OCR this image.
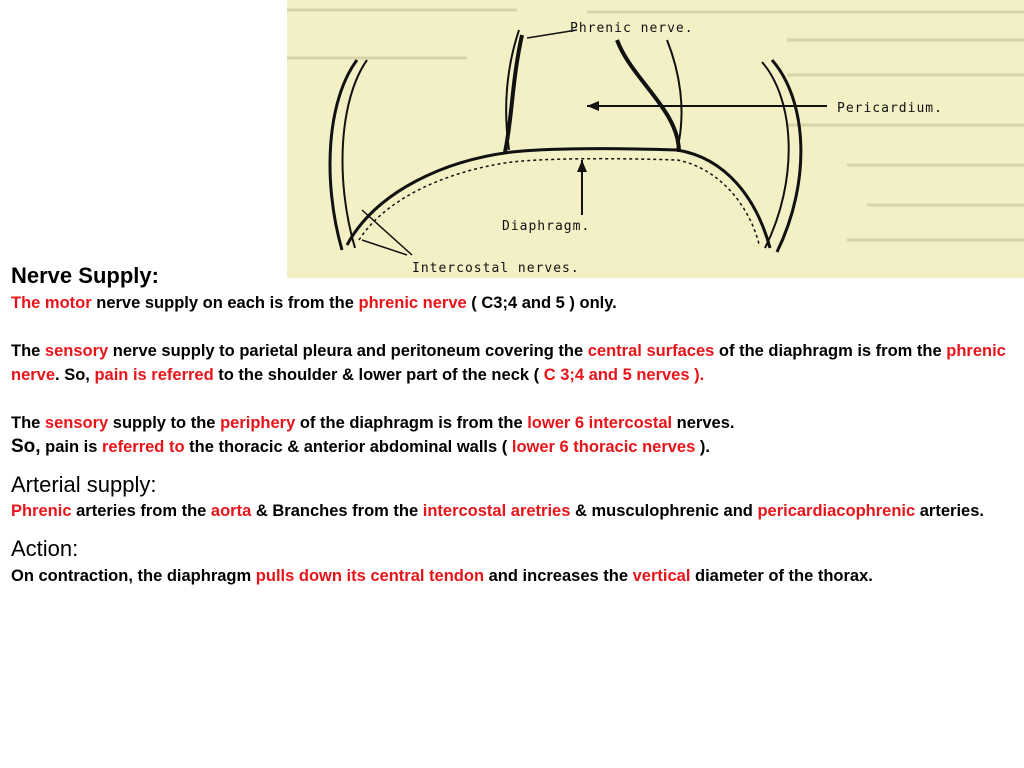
Phrenic nerve.
Pericardium.
Diaphragm.
Intercostal nerves.
Nerve Supply:

The motor nerve supply on each is from the phrenic nerve ( C3;4 and 5 ) only.

The sensory nerve supply to parietal pleura and peritoneum covering the central surfaces of the diaphragm is from the phrenic nerve. So, pain is referred to the shoulder & lower part of the neck ( C 3;4 and 5 nerves ).

The sensory supply to the periphery of the diaphragm is from the lower 6 intercostal nerves.

So, pain is referred to the thoracic & anterior abdominal walls ( lower 6 thoracic nerves ).

Arterial supply:

Phrenic arteries from the aorta & Branches from the intercostal aretries & musculophrenic and pericardiacophrenic arteries.

Action:

On contraction, the diaphragm pulls down its central tendon and increases the vertical diameter of the thorax.
